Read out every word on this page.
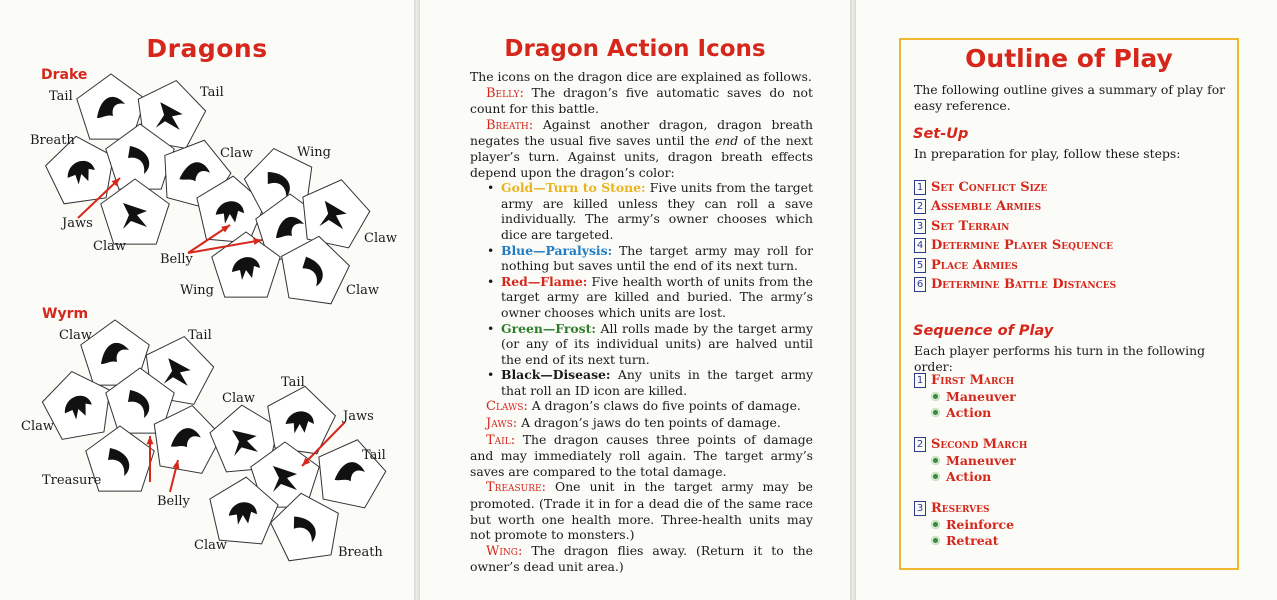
Dragons
Drake
Wyrm
Tail	Tail
Breath
Claw	Wing
Jaws
Claw
Belly
Claw
Wing	Claw
Claw	Tail
Claw
Claw
Tail
Jaws
Tail
Treasure
Belly
Claw	Breath
Dragon Action Icons

The icons on the dragon dice are explained as follows.

Belly: The dragon’s five automatic saves do not count for this battle.

Breath: Against another dragon, dragon breath negates the usual five saves until the end of the next player’s turn. Against units, dragon breath effects depend upon the dragon’s color:

• Gold—Turn to Stone: Five units from the target army are killed unless they can roll a save individually. The army’s owner chooses which dice are targeted.
• Blue—Paralysis: The target army may roll for nothing but saves until the end of its next turn.
• Red—Flame: Five health worth of units from the target army are killed and buried. The army’s owner chooses which units are lost.
• Green—Frost: All rolls made by the target army (or any of its individual units) are halved until the end of its next turn.
• Black—Disease: Any units in the target army that roll an ID icon are killed.

Claws: A dragon’s claws do five points of damage.

Jaws: A dragon’s jaws do ten points of damage.

Tail: The dragon causes three points of damage and may immediately roll again. The target army’s saves are compared to the total damage.

Treasure: One unit in the target army may be promoted. (Trade it in for a dead die of the same race but worth one health more. Three-health units may not promote to monsters.)

Wing: The dragon flies away. (Return it to the owner’s dead unit area.)

Outline of Play
The following outline gives a summary of play for easy reference.
Set-Up
In preparation for play, follow these steps:
1 Set Conflict Size
2 Assemble Armies
3 Set Terrain
4 Determine Player Sequence
5 Place Armies
6 Determine Battle Distances
Sequence of Play
Each player performs his turn in the following order:
1 First March
Maneuver
Action
2 Second March
Maneuver
Action
3 Reserves
Reinforce
Retreat
